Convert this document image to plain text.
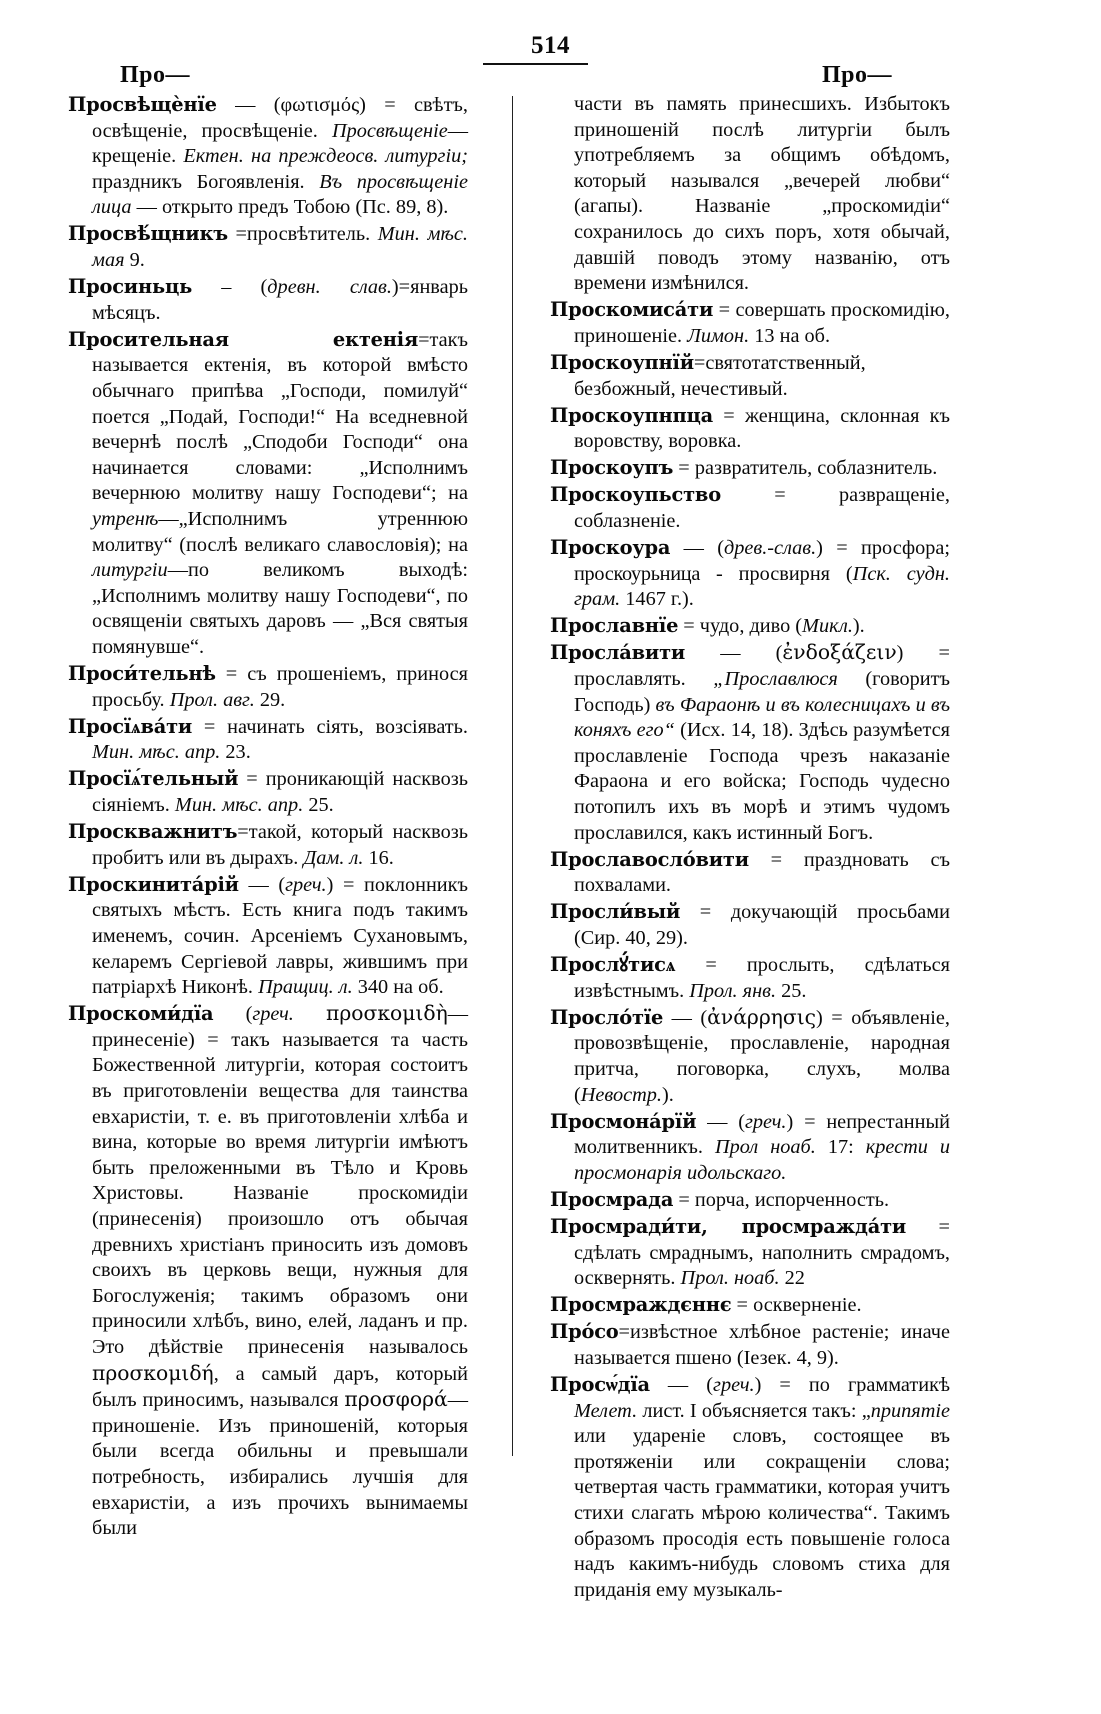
514
Про—	Про—

Просвѣщѐнїе — (φωτισμός) = свѣтъ, освѣщеніе, просвѣщеніе. Просвѣщеніе—крещеніе. Ектен. на преждеосв. литургіи; праздникъ Богоявленія. Въ просвѣщеніе лица — открыто предъ Тобою (Пс. 89, 8).

Просвѣ́щникъ =просвѣтитель. Мин. мѣс. мая 9.

Просиньць – (древн. слав.)=январь мѣсяцъ.

Просительная ектенія=такъ называется ектенія, въ которой вмѣсто обычнаго припѣва „Господи, помилуй“ поется „Подай, Господи!“ На вседневной вечернѣ послѣ „Сподоби Господи“ она начинается словами: „Исполнимъ вечернюю молитву нашу Господеви“; на утренѣ—„Исполнимъ утреннюю молитву“ (послѣ великаго славословія); на литургіи—по великомъ выходѣ: „Исполнимъ молитву нашу Господеви“, по освященіи святыхъ даровъ — „Вся святыя помянувше“.

Проси́тельнѣ = съ прошеніемъ, принося просьбу. Прол. авг. 29.

Просїѧва́ти = начинать сіять, возсіявать. Мин. мѣс. апр. 23.

Просїѧ́тельный = проникающій насквозь сіяніемъ. Мин. мѣс. апр. 25.

Проскважнитъ=такой, который насквозь пробитъ или въ дырахъ. Дам. л. 16.

Проскинита́рій — (греч.) = поклонникъ святыхъ мѣстъ. Есть книга подъ такимъ именемъ, сочин. Арсеніемъ Сухановымъ, келаремъ Сергіевой лавры, жившимъ при патріархѣ Никонѣ. Пращиц. л. 340 на об.

Проскоми́дїа (греч. προσκομιδὴ—принесеніе) = такъ называется та часть Божественной литургіи, которая состоитъ въ приготовленіи вещества для таинства евхаристіи, т. е. въ приготовленіи хлѣба и вина, которые во время литургіи имѣютъ быть преложенными въ Тѣло и Кровь Христовы. Названіе проскомидіи (принесенія) произошло отъ обычая древнихъ христіанъ приносить изъ домовъ своихъ въ церковь вещи, нужныя для Богослуженія; такимъ образомъ они приносили хлѣбъ, вино, елей, ладанъ и пр. Это дѣйствіе принесенія называлось προσκομιδή, а самый даръ, который былъ приносимъ, назывался προσφορά—приношеніе. Изъ приношеній, которыя были всегда обильны и превышали потребность, избирались лучшія для евхаристіи, а изъ прочихъ вынимаемы были

части въ память принесшихъ. Избытокъ приношеній послѣ литургіи былъ употребляемъ за общимъ обѣдомъ, который назывался „вечерей любви“ (агапы). Названіе „проскомидіи“ сохранилось до сихъ поръ, хотя обычай, давшій поводъ этому названію, отъ времени измѣнился.

Проскомиса́ти = совершать проскомидію, приношеніе. Лимон. 13 на об.

Проскоупнїй=святотатственный, безбожный, нечестивый.

Проскоупнпца = женщина, склонная къ воровству, воровка.

Проскоупъ = развратитель, соблазнитель.

Проскоупьство = развращеніе, соблазненіе.

Проскоура — (древ.-слав.) = просфора; проскоурьница - просвирня (Пск. судн. грам. 1467 г.).

Прославнїе = чудо, диво (Микл.).

Просла́вити — (ἐνδοξάζειν) = прославлять. „Прославлюся (говоритъ Господь) въ Фараонѣ и въ колесницахъ и въ коняхъ его“ (Исх. 14, 18). Здѣсь разумѣется прославленіе Господа чрезъ наказаніе Фараона и его войска; Господь чудесно потопилъ ихъ въ морѣ и этимъ чудомъ прославился, какъ истинный Богъ.

Прославосло́вити = праздновать съ похвалами.

Просли́вый = докучающій просьбами (Сир. 40, 29).

Прослꙋ́тисѧ = прослыть, сдѣлаться извѣстнымъ. Прол. янв. 25.

Просло́тїе — (ἀνάρρησις) = объявленіе, провозвѣщеніе, прославленіе, народная притча, поговорка, слухъ, молва (Невостр.).

Просмона́рїй — (греч.) = непрестанный молитвенникъ. Прол ноаб. 17: крести и просмонарія идольскаго.

Просмрада = порча, испорченность.

Просмради́ти, просмражда́ти = сдѣлать смраднымъ, наполнить смрадомъ, осквернять. Прол. ноаб. 22

Просмраждєннє = оскверненіе.

Про́со=извѣстное хлѣбное растеніе; иначе называется пшено (Іезек. 4, 9).

Просѡ́дїа — (греч.) = по грамматикѣ Мелет. лист. І объясняется такъ: „припятіе или удареніе словъ, состоящее въ протяженіи или сокращеніи слова; четвертая часть грамматики, которая учитъ стихи слагать мѣрою количества“. Такимъ образомъ просодія есть повышеніе голоса надъ какимъ-нибудь словомъ стиха для приданія ему музыкаль-
